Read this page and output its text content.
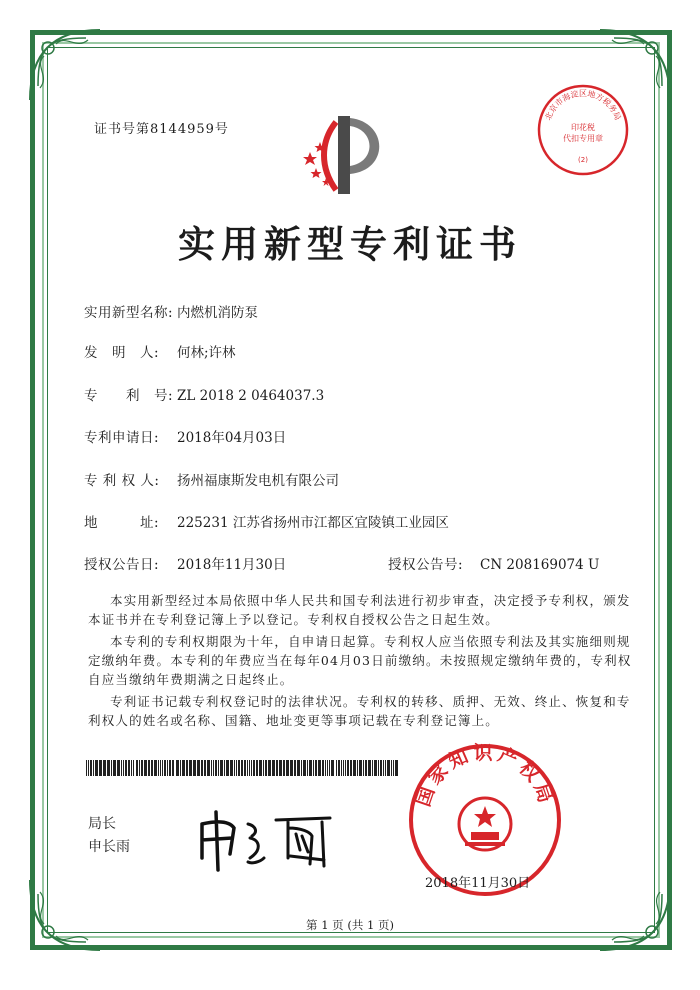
证书号第8144959号
北京市海淀区地方税务局
印花税
代扣专用章
(2)
实用新型专利证书
实用新型名称: 内燃机消防泵
发　明　人: 何林;许林
专　　利　号: ZL 2018 2 0464037.3
专利申请日: 2018年04月03日
专 利 权 人: 扬州福康斯发电机有限公司
地　　　址: 225231 江苏省扬州市江都区宜陵镇工业园区
授权公告日: 2018年11月30日	授权公告号: CN 208169074 U
本实用新型经过本局依照中华人民共和国专利法进行初步审查，决定授予专利权，颁发
本证书并在专利登记簿上予以登记。专利权自授权公告之日起生效。
本专利的专利权期限为十年，自申请日起算。专利权人应当依照专利法及其实施细则规
定缴纳年费。本专利的年费应当在每年04月03日前缴纳。未按照规定缴纳年费的，专利权
自应当缴纳年费期满之日起终止。
专利证书记载专利权登记时的法律状况。专利权的转移、质押、无效、终止、恢复和专
利权人的姓名或名称、国籍、地址变更等事项记载在专利登记簿上。
局长
申长雨
国家知识产权局
2018年11月30日
第 1 页 (共 1 页)
